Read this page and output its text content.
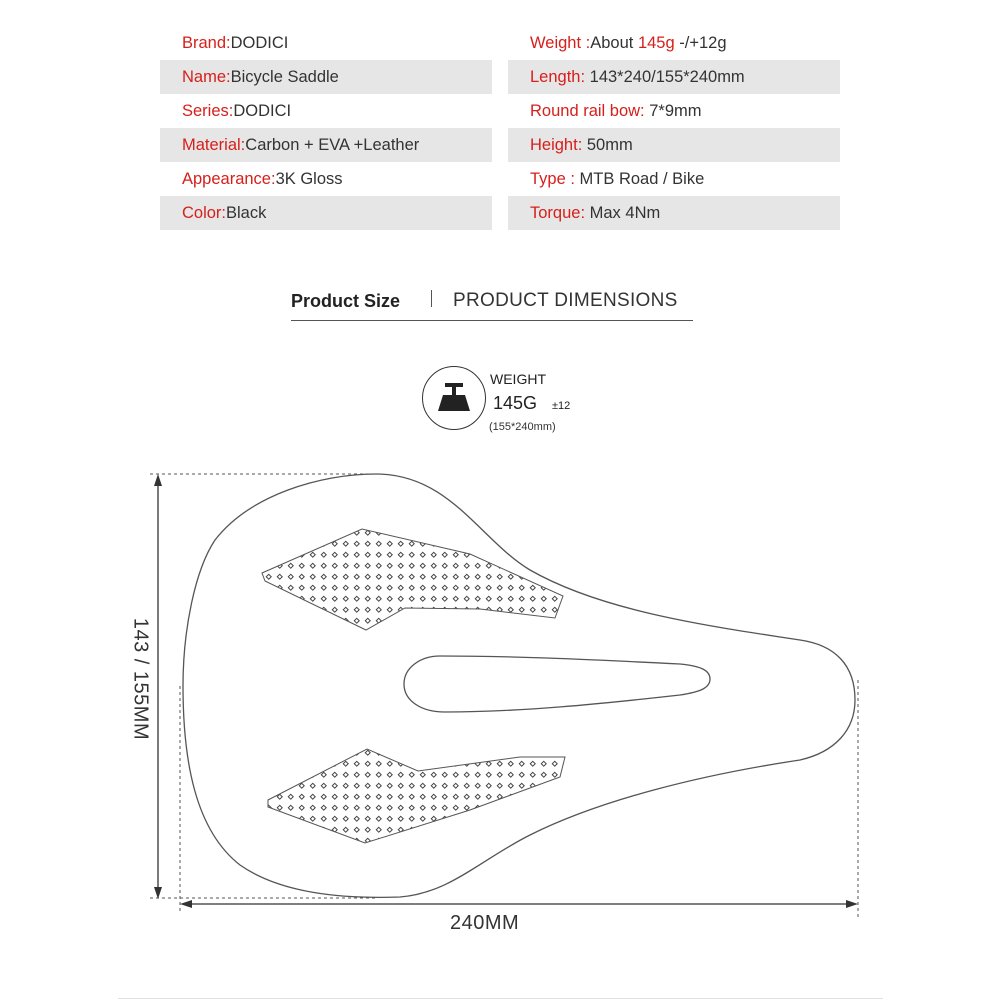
Brand:DODICI
Name:Bicycle Saddle
Series:DODICI
Material:Carbon + EVA +Leather
Appearance:3K Gloss
Color:Black
Weight :About 145g -/+12g
Length: 143*240/155*240mm
Round rail bow: 7*9mm
Height: 50mm
Type : MTB Road / Bike
Torque: Max 4Nm
Product Size	PRODUCT DIMENSIONS
WEIGHT
145G ±12
(155*240mm)
240MM
143 / 155MM
